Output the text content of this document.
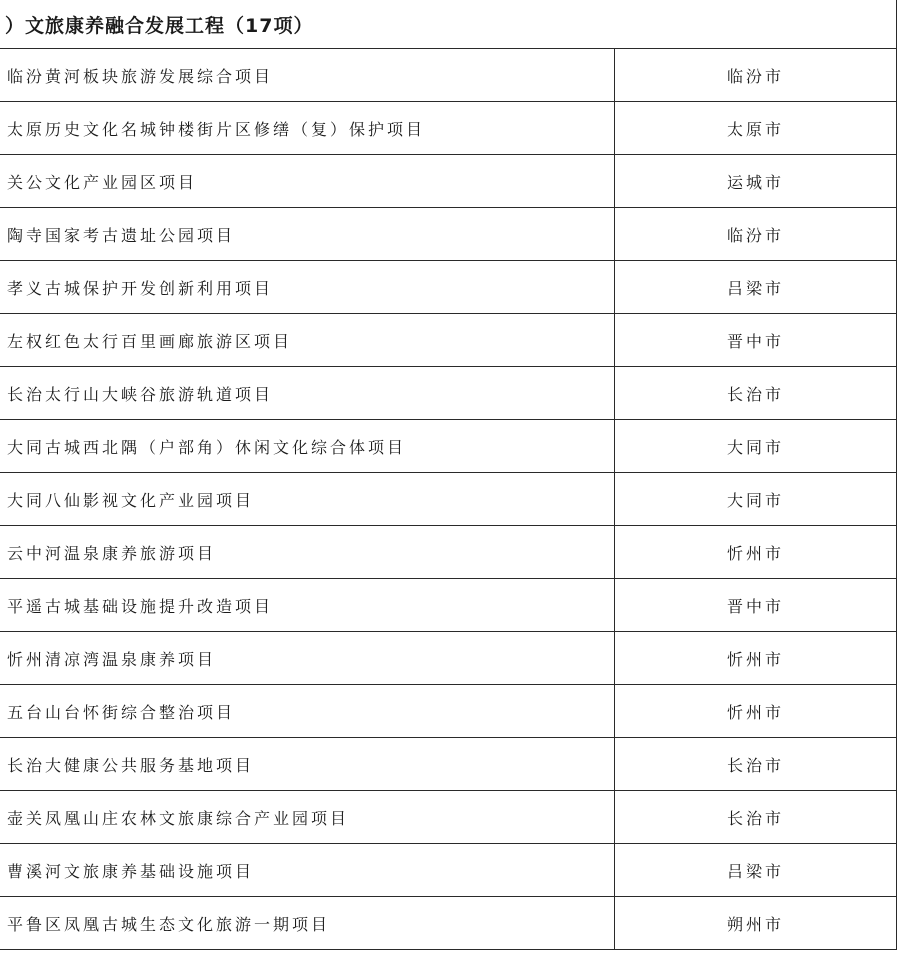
）文旅康养融合发展工程（17项）	
临汾黄河板块旅游发展综合项目	临汾市
太原历史文化名城钟楼街片区修缮（复）保护项目	太原市
关公文化产业园区项目	运城市
陶寺国家考古遗址公园项目	临汾市
孝义古城保护开发创新利用项目	吕梁市
左权红色太行百里画廊旅游区项目	晋中市
长治太行山大峡谷旅游轨道项目	长治市
大同古城西北隅（户部角）休闲文化综合体项目	大同市
大同八仙影视文化产业园项目	大同市
云中河温泉康养旅游项目	忻州市
平遥古城基础设施提升改造项目	晋中市
忻州清凉湾温泉康养项目	忻州市
五台山台怀街综合整治项目	忻州市
长治大健康公共服务基地项目	长治市
壶关凤凰山庄农林文旅康综合产业园项目	长治市
曹溪河文旅康养基础设施项目	吕梁市
平鲁区凤凰古城生态文化旅游一期项目	朔州市
